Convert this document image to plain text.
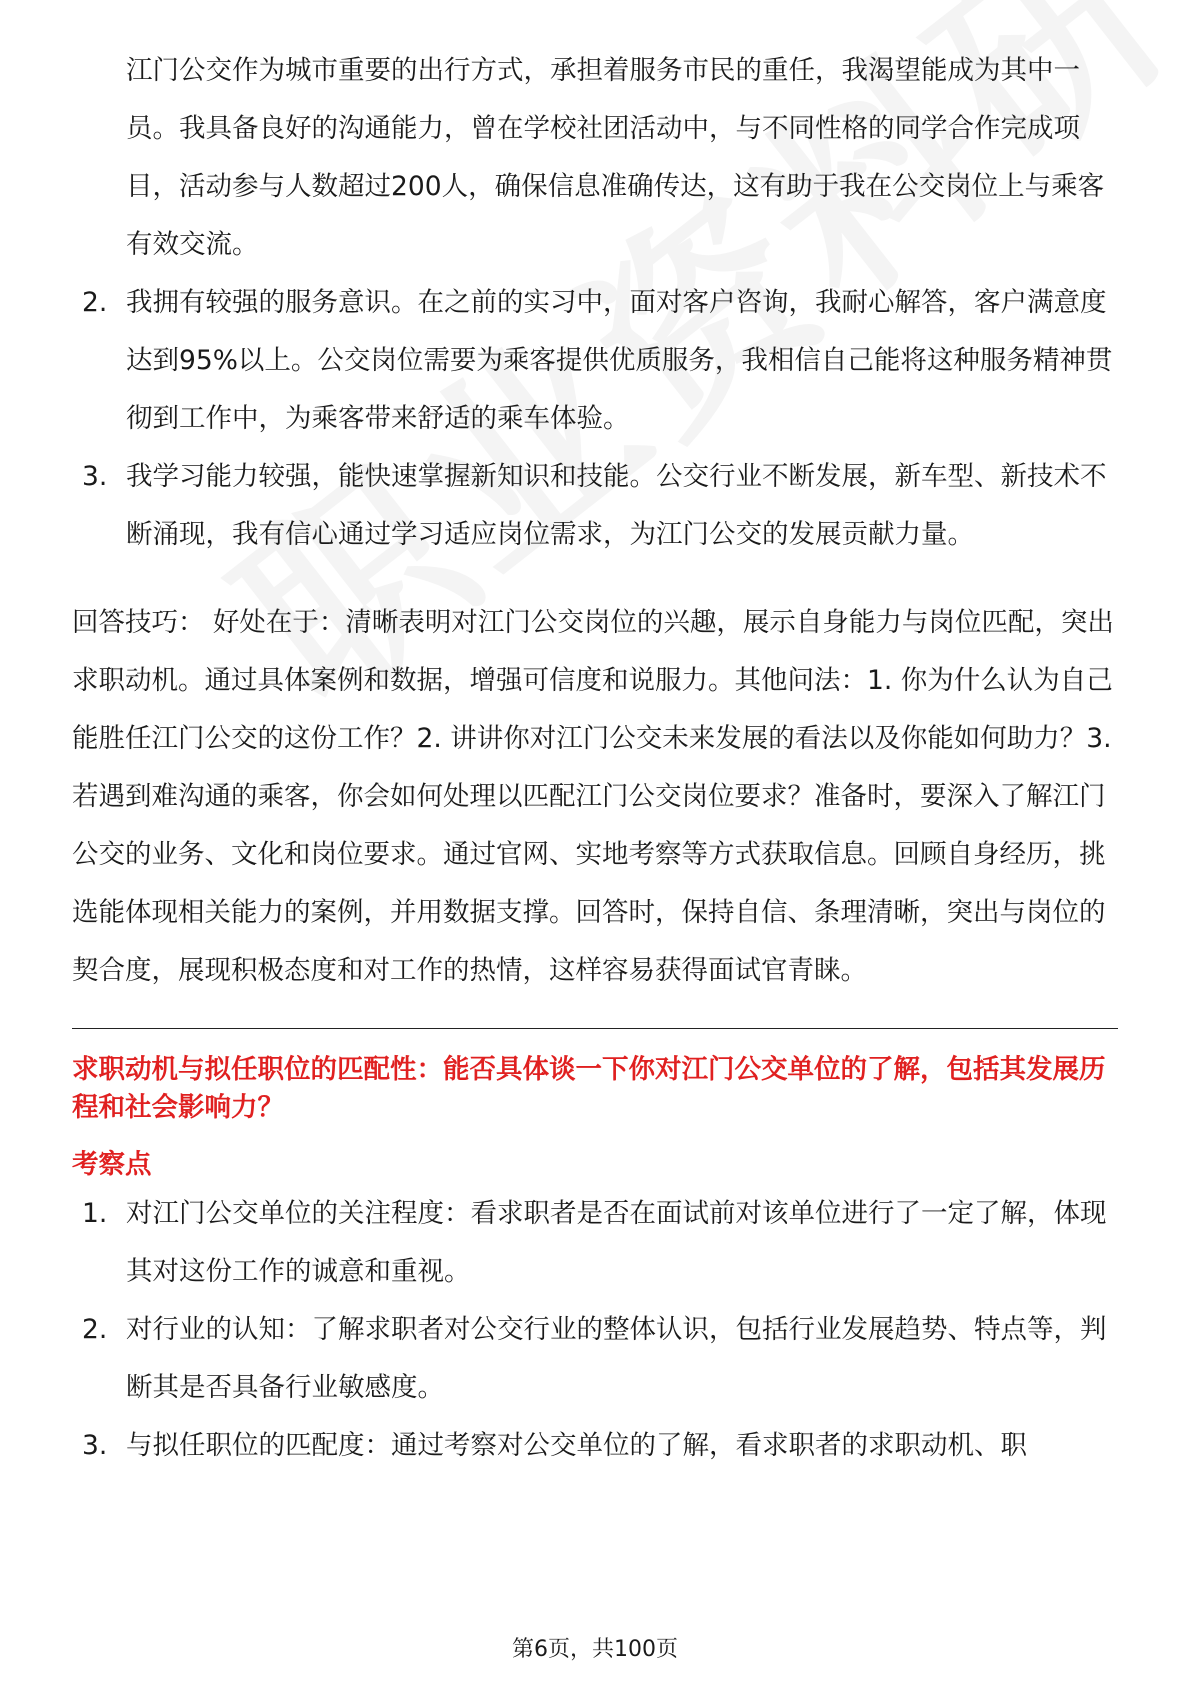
江门公交作为城市重要的出行方式，承担着服务市民的重任，我渴望能成为其中一员。我具备良好的沟通能力，曾在学校社团活动中，与不同性格的同学合作完成项目，活动参与人数超过200人，确保信息准确传达，这有助于我在公交岗位上与乘客有效交流。

2. 我拥有较强的服务意识。在之前的实习中，面对客户咨询，我耐心解答，客户满意度达到95%以上。公交岗位需要为乘客提供优质服务，我相信自己能将这种服务精神贯彻到工作中，为乘客带来舒适的乘车体验。
3. 我学习能力较强，能快速掌握新知识和技能。公交行业不断发展，新车型、新技术不断涌现，我有信心通过学习适应岗位需求，为江门公交的发展贡献力量。

回答技巧： 好处在于：清晰表明对江门公交岗位的兴趣，展示自身能力与岗位匹配，突出求职动机。通过具体案例和数据，增强可信度和说服力。其他问法：1. 你为什么认为自己能胜任江门公交的这份工作？2. 讲讲你对江门公交未来发展的看法以及你能如何助力？3. 若遇到难沟通的乘客，你会如何处理以匹配江门公交岗位要求？准备时，要深入了解江门公交的业务、文化和岗位要求。通过官网、实地考察等方式获取信息。回顾自身经历，挑选能体现相关能力的案例，并用数据支撑。回答时，保持自信、条理清晰，突出与岗位的契合度，展现积极态度和对工作的热情，这样容易获得面试官青睐。

求职动机与拟任职位的匹配性：能否具体谈一下你对江门公交单位的了解，包括其发展历程和社会影响力？
考察点
1. 对江门公交单位的关注程度：看求职者是否在面试前对该单位进行了一定了解，体现其对这份工作的诚意和重视。
2. 对行业的认知：了解求职者对公交行业的整体认识，包括行业发展趋势、特点等，判断其是否具备行业敏感度。
3. 与拟任职位的匹配度：通过考察对公交单位的了解，看求职者的求职动机、职
第6页，共100页
